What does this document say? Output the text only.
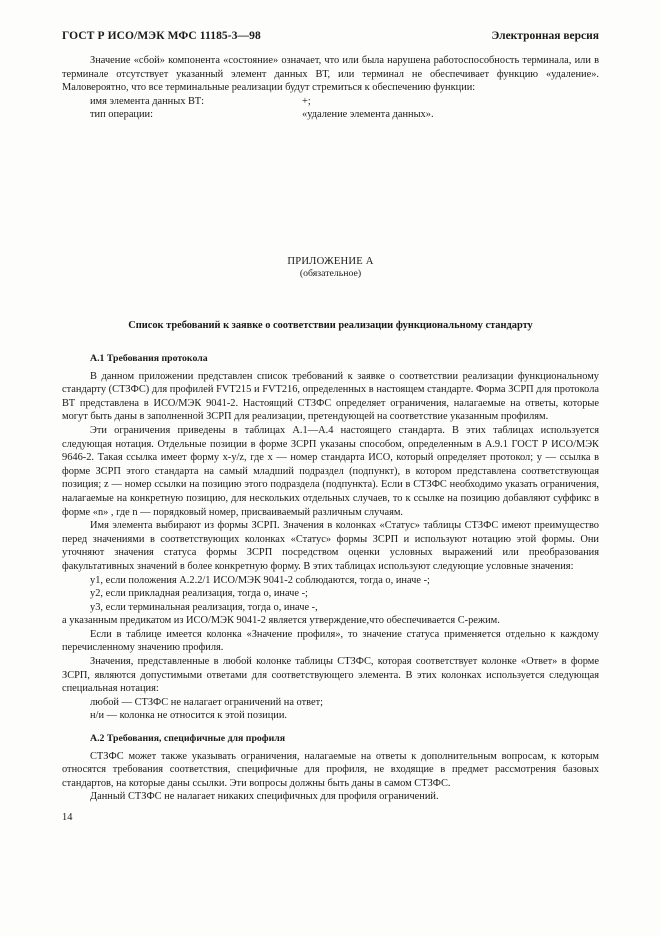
ГОСТ Р ИСО/МЭК МФС 11185-3—98	Электронная версия

Значение «сбой» компонента «состояние» означает, что или была нарушена работоспособность терминала, или в терминале отсутствует указанный элемент данных ВТ, или терминал не обеспечивает функцию «удаление». Маловероятно, что все терминальные реализации будут стремиться к обеспечению функции:

имя элемента данных ВТ:	+;
тип операции:	«удаление элемента данных».
ПРИЛОЖЕНИЕ А
(обязательное)
Список требований к заявке о соответствии реализации функциональному стандарту

А.1 Требования протокола

В данном приложении представлен список требований к заявке о соответствии реализации функциональному стандарту (СТЗФС) для профилей FVT215 и FVT216, определенных в настоящем стандарте. Форма ЗСРП для протокола ВТ представлена в ИСО/МЭК 9041-2. Настоящий СТЗФС определяет ограничения, налагаемые на ответы, которые могут быть даны в заполненной ЗСРП для реализации, претендующей на соответствие указанным профилям.

Эти ограничения приведены в таблицах А.1—А.4 настоящего стандарта. В этих таблицах используется следующая нотация. Отдельные позиции в форме ЗСРП указаны способом, определенным в А.9.1 ГОСТ Р ИСО/МЭК 9646-2. Такая ссылка имеет форму x-y/z, где x — номер стандарта ИСО, который определяет протокол; y — ссылка в форме ЗСРП этого стандарта на самый младший подраздел (подпункт), в котором представлена соответствующая позиция; z — номер ссылки на позицию этого подраздела (подпункта). Если в СТЗФС необходимо указать ограничения, налагаемые на конкретную позицию, для нескольких отдельных случаев, то к ссылке на позицию добавляют суффикс в форме «n» , где n — порядковый номер, присваиваемый различным случаям.

Имя элемента выбирают из формы ЗСРП. Значения в колонках «Статус» таблицы СТЗФС имеют преимущество перед значениями в соответствующих колонках «Статус» формы ЗСРП и используют нотацию этой формы. Они уточняют значения статуса формы ЗСРП посредством оценки условных выражений или преобразования факультативных значений в более конкретную форму. В этих таблицах используют следующие условные значения:

у1, если положения А.2.2/1 ИСО/МЭК 9041-2 соблюдаются, тогда о, иначе -;
у2, если прикладная реализация, тогда о, иначе -;
у3, если терминальная реализация, тогда о, иначе -,

а указанным предикатом из ИСО/МЭК 9041-2 является утверждение,что обеспечивается С-режим.

Если в таблице имеется колонка «Значение профиля», то значение статуса применяется отдельно к каждому перечисленному значению профиля.

Значения, представленные в любой колонке таблицы СТЗФС, которая соответствует колонке «Ответ» в форме ЗСРП, являются допустимыми ответами для соответствующего элемента. В этих колонках используется следующая специальная нотация:

любой — СТЗФС не налагает ограничений на ответ;
н/и — колонка не относится к этой позиции.

А.2 Требования, специфичные для профиля

СТЗФС может также указывать ограничения, налагаемые на ответы к дополнительным вопросам, к которым относятся требования соответствия, специфичные для профиля, не входящие в предмет рассмотрения базовых стандартов, на которые даны ссылки. Эти вопросы должны быть даны в самом СТЗФС.

Данный СТЗФС не налагает никаких специфичных для профиля ограничений.

14
